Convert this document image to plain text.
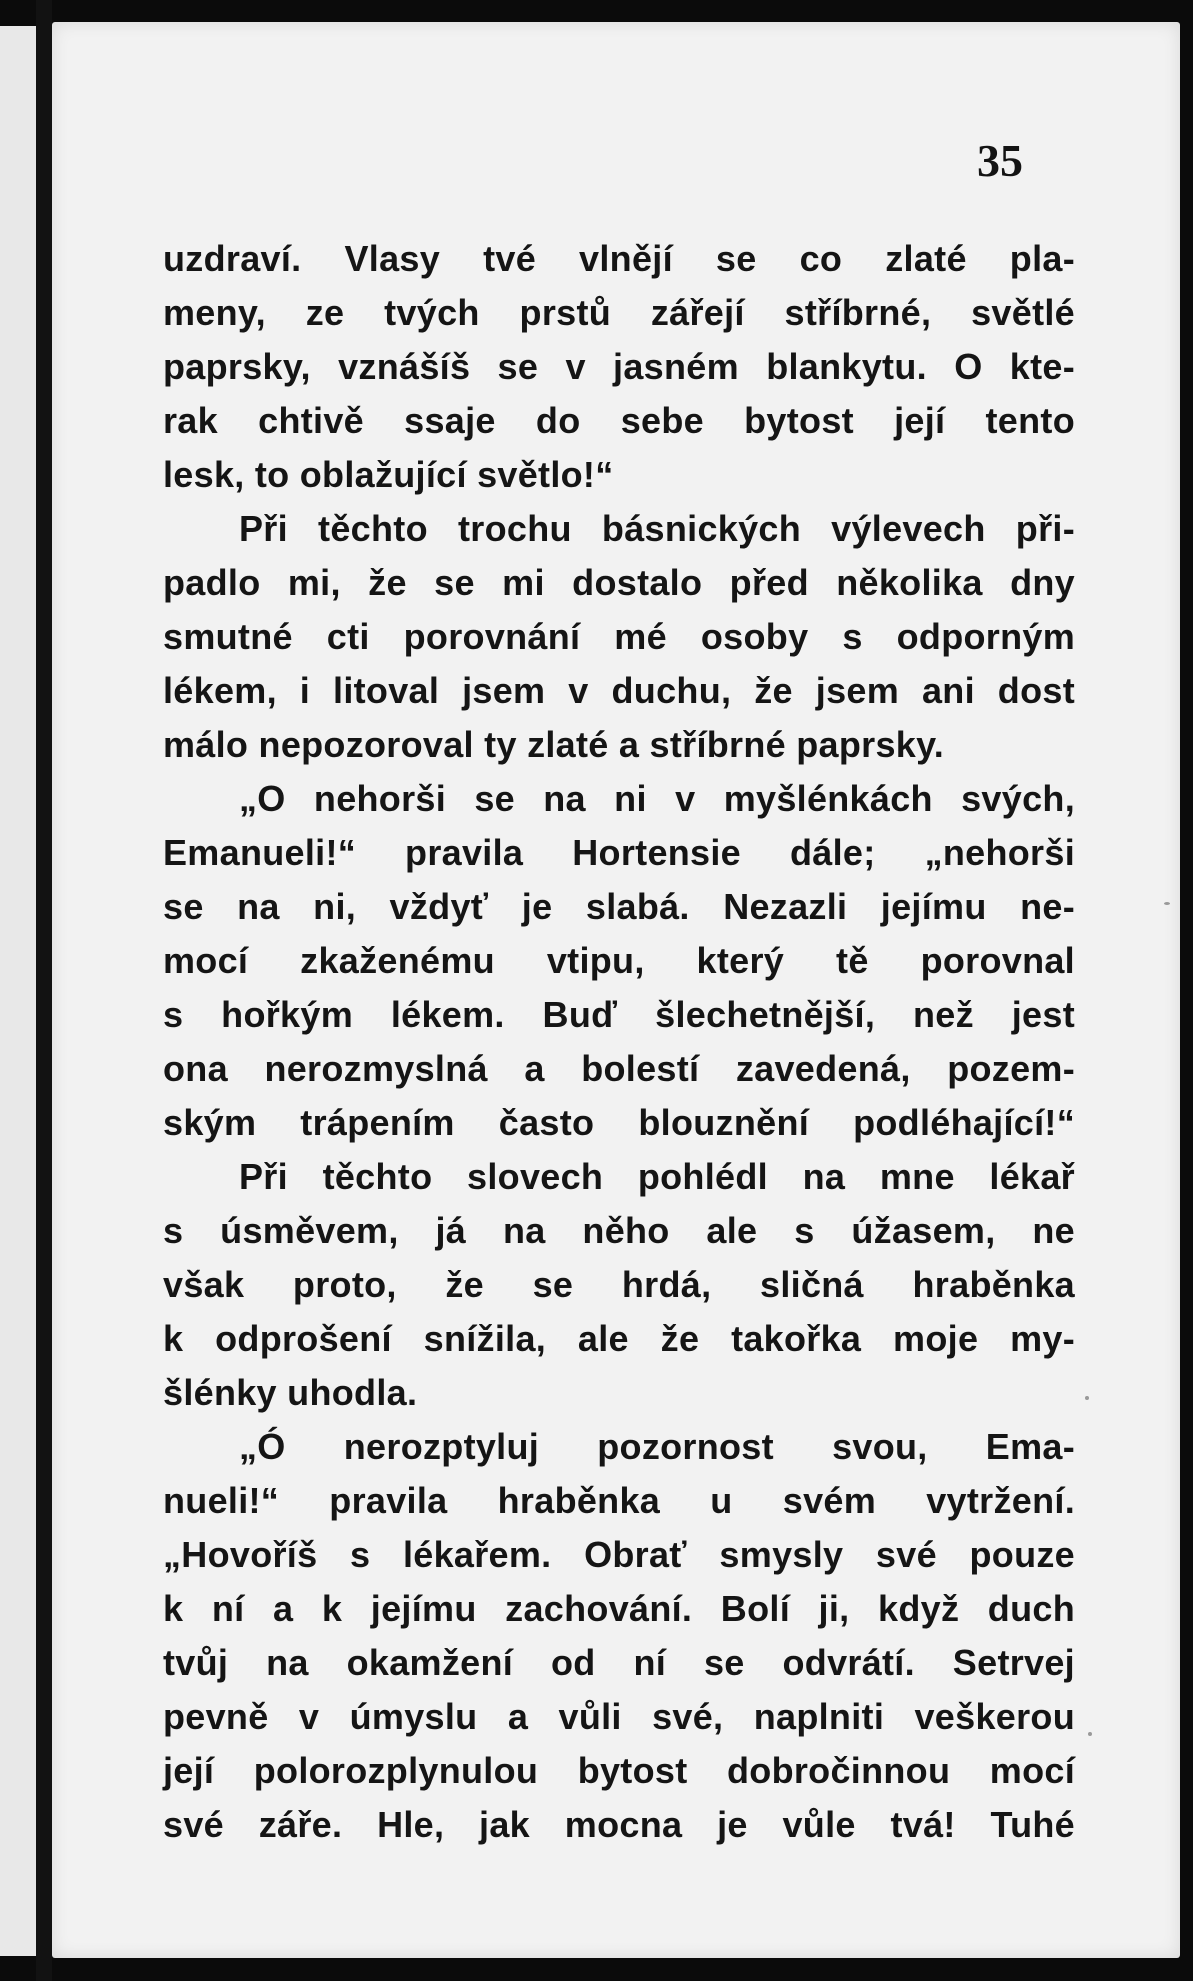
35
uzdraví. Vlasy tvé vlnějí se co zlaté pla-
meny, ze tvých prstů zářejí stříbrné, světlé
paprsky, vznášíš se v jasném blankytu. O kte-
rak chtivě ssaje do sebe bytost její tento
lesk, to oblažující světlo!“
Při těchto trochu básnických výlevech při-
padlo mi, že se mi dostalo před několika dny
smutné cti porovnání mé osoby s odporným
lékem, i litoval jsem v duchu, že jsem ani dost
málo nepozoroval ty zlaté a stříbrné paprsky.
„O nehorši se na ni v myšlénkách svých,
Emanueli!“ pravila Hortensie dále; „nehorši
se na ni, vždyť je slabá. Nezazli jejímu ne-
mocí zkaženému vtipu, který tě porovnal
s hořkým lékem. Buď šlechetnější, než jest
ona nerozmyslná a bolestí zavedená, pozem-
ským trápením často blouznění podléhající!“
Při těchto slovech pohlédl na mne lékař
s úsměvem, já na něho ale s úžasem, ne
však proto, že se hrdá, sličná hraběnka
k odprošení snížila, ale že takořka moje my-
šlénky uhodla.
„Ó nerozptyluj pozornost svou, Ema-
nueli!“ pravila hraběnka u svém vytržení.
„Hovoříš s lékařem. Obrať smysly své pouze
k ní a k jejímu zachování. Bolí ji, když duch
tvůj na okamžení od ní se odvrátí. Setrvej
pevně v úmyslu a vůli své, naplniti veškerou
její polorozplynulou bytost dobročinnou mocí
své záře. Hle, jak mocna je vůle tvá! Tuhé
